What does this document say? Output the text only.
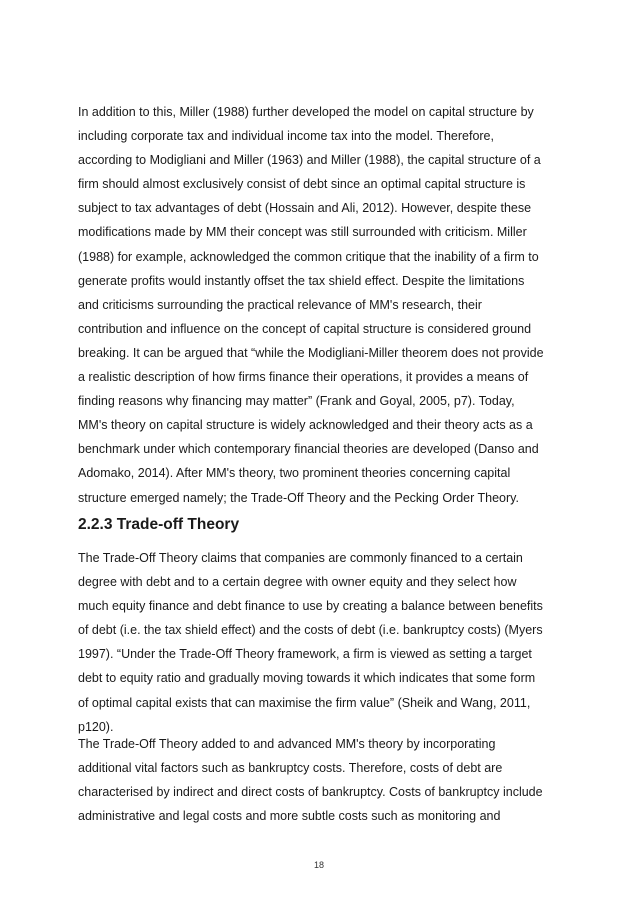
In addition to this, Miller (1988) further developed the model on capital structure by
including corporate tax and individual income tax into the model. Therefore,
according to Modigliani and Miller (1963) and Miller (1988), the capital structure of a
firm should almost exclusively consist of debt since an optimal capital structure is
subject to tax advantages of debt (Hossain and Ali, 2012). However, despite these
modifications made by MM their concept was still surrounded with criticism. Miller
(1988) for example, acknowledged the common critique that the inability of a firm to
generate profits would instantly offset the tax shield effect. Despite the limitations
and criticisms surrounding the practical relevance of MM's research, their
contribution and influence on the concept of capital structure is considered ground
breaking. It can be argued that “while the Modigliani-Miller theorem does not provide
a realistic description of how firms finance their operations, it provides a means of
finding reasons why financing may matter” (Frank and Goyal, 2005, p7). Today,
MM's theory on capital structure is widely acknowledged and their theory acts as a
benchmark under which contemporary financial theories are developed (Danso and
Adomako, 2014). After MM's theory, two prominent theories concerning capital
structure emerged namely; the Trade-Off Theory and the Pecking Order Theory.
2.2.3 Trade-off Theory
The Trade-Off Theory claims that companies are commonly financed to a certain
degree with debt and to a certain degree with owner equity and they select how
much equity finance and debt finance to use by creating a balance between benefits
of debt (i.e. the tax shield effect) and the costs of debt (i.e. bankruptcy costs) (Myers
1997). “Under the Trade-Off Theory framework, a firm is viewed as setting a target
debt to equity ratio and gradually moving towards it which indicates that some form
of optimal capital exists that can maximise the firm value” (Sheik and Wang, 2011,
p120).
The Trade-Off Theory added to and advanced MM's theory by incorporating
additional vital factors such as bankruptcy costs. Therefore, costs of debt are
characterised by indirect and direct costs of bankruptcy. Costs of bankruptcy include
administrative and legal costs and more subtle costs such as monitoring and
18
